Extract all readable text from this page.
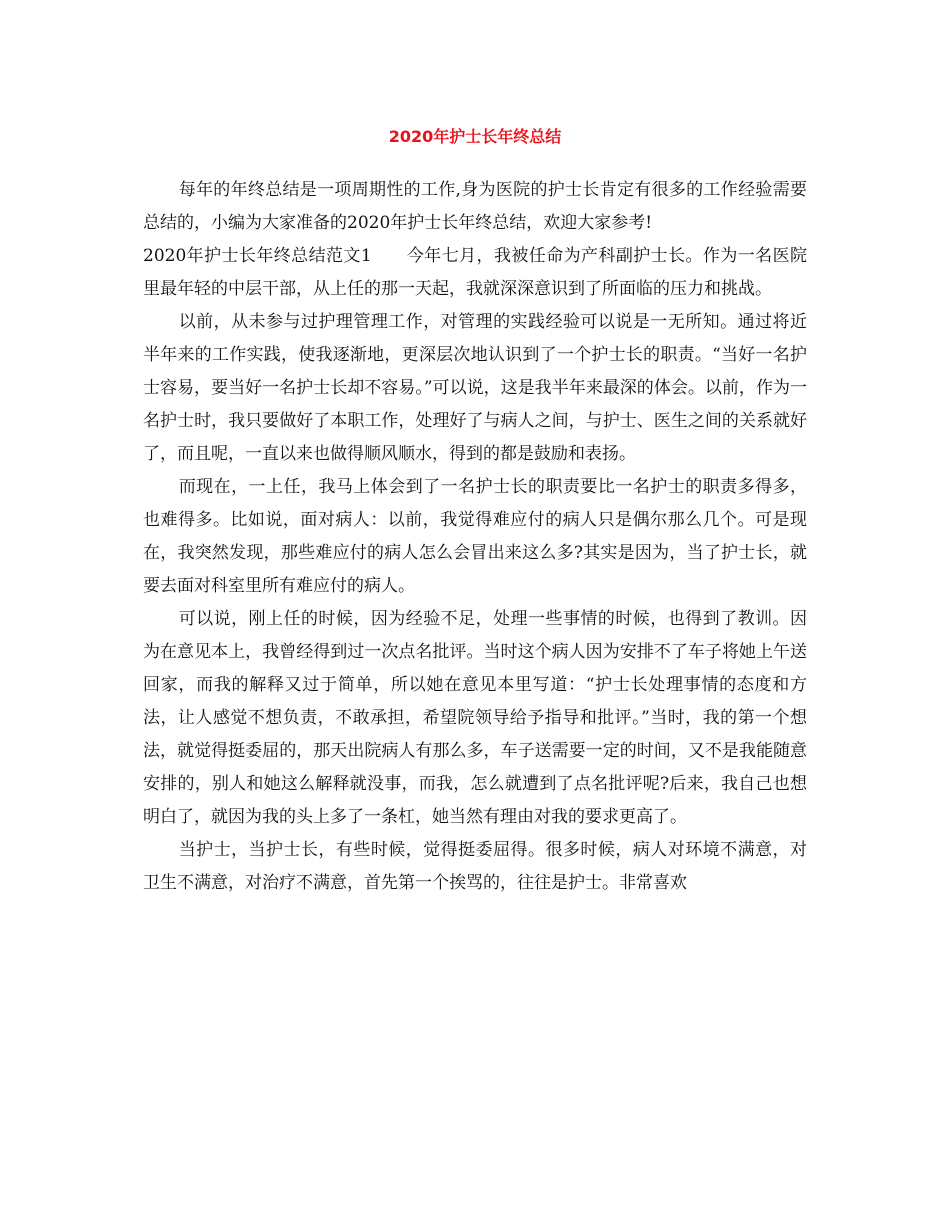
2020年护士长年终总结

每年的年终总结是一项周期性的工作,身为医院的护士长肯定有很多的工作经验需要总结的，小编为大家准备的2020年护士长年终总结，欢迎大家参考!

2020年护士长年终总结范文1　　今年七月，我被任命为产科副护士长。作为一名医院里最年轻的中层干部，从上任的那一天起，我就深深意识到了所面临的压力和挑战。

以前，从未参与过护理管理工作，对管理的实践经验可以说是一无所知。通过将近半年来的工作实践，使我逐渐地，更深层次地认识到了一个护士长的职责。“当好一名护士容易，要当好一名护士长却不容易。”可以说，这是我半年来最深的体会。以前，作为一名护士时，我只要做好了本职工作，处理好了与病人之间，与护士、医生之间的关系就好了，而且呢，一直以来也做得顺风顺水，得到的都是鼓励和表扬。

而现在，一上任，我马上体会到了一名护士长的职责要比一名护士的职责多得多，也难得多。比如说，面对病人：以前，我觉得难应付的病人只是偶尔那么几个。可是现在，我突然发现，那些难应付的病人怎么会冒出来这么多?其实是因为，当了护士长，就要去面对科室里所有难应付的病人。

可以说，刚上任的时候，因为经验不足，处理一些事情的时候，也得到了教训。因为在意见本上，我曾经得到过一次点名批评。当时这个病人因为安排不了车子将她上午送回家，而我的解释又过于简单，所以她在意见本里写道：“护士长处理事情的态度和方法，让人感觉不想负责，不敢承担，希望院领导给予指导和批评。”当时，我的第一个想法，就觉得挺委屈的，那天出院病人有那么多，车子送需要一定的时间，又不是我能随意安排的，别人和她这么解释就没事，而我，怎么就遭到了点名批评呢?后来，我自己也想明白了，就因为我的头上多了一条杠，她当然有理由对我的要求更高了。

当护士，当护士长，有些时候，觉得挺委屈得。很多时候，病人对环境不满意，对卫生不满意，对治疗不满意，首先第一个挨骂的，往往是护士。非常喜欢
